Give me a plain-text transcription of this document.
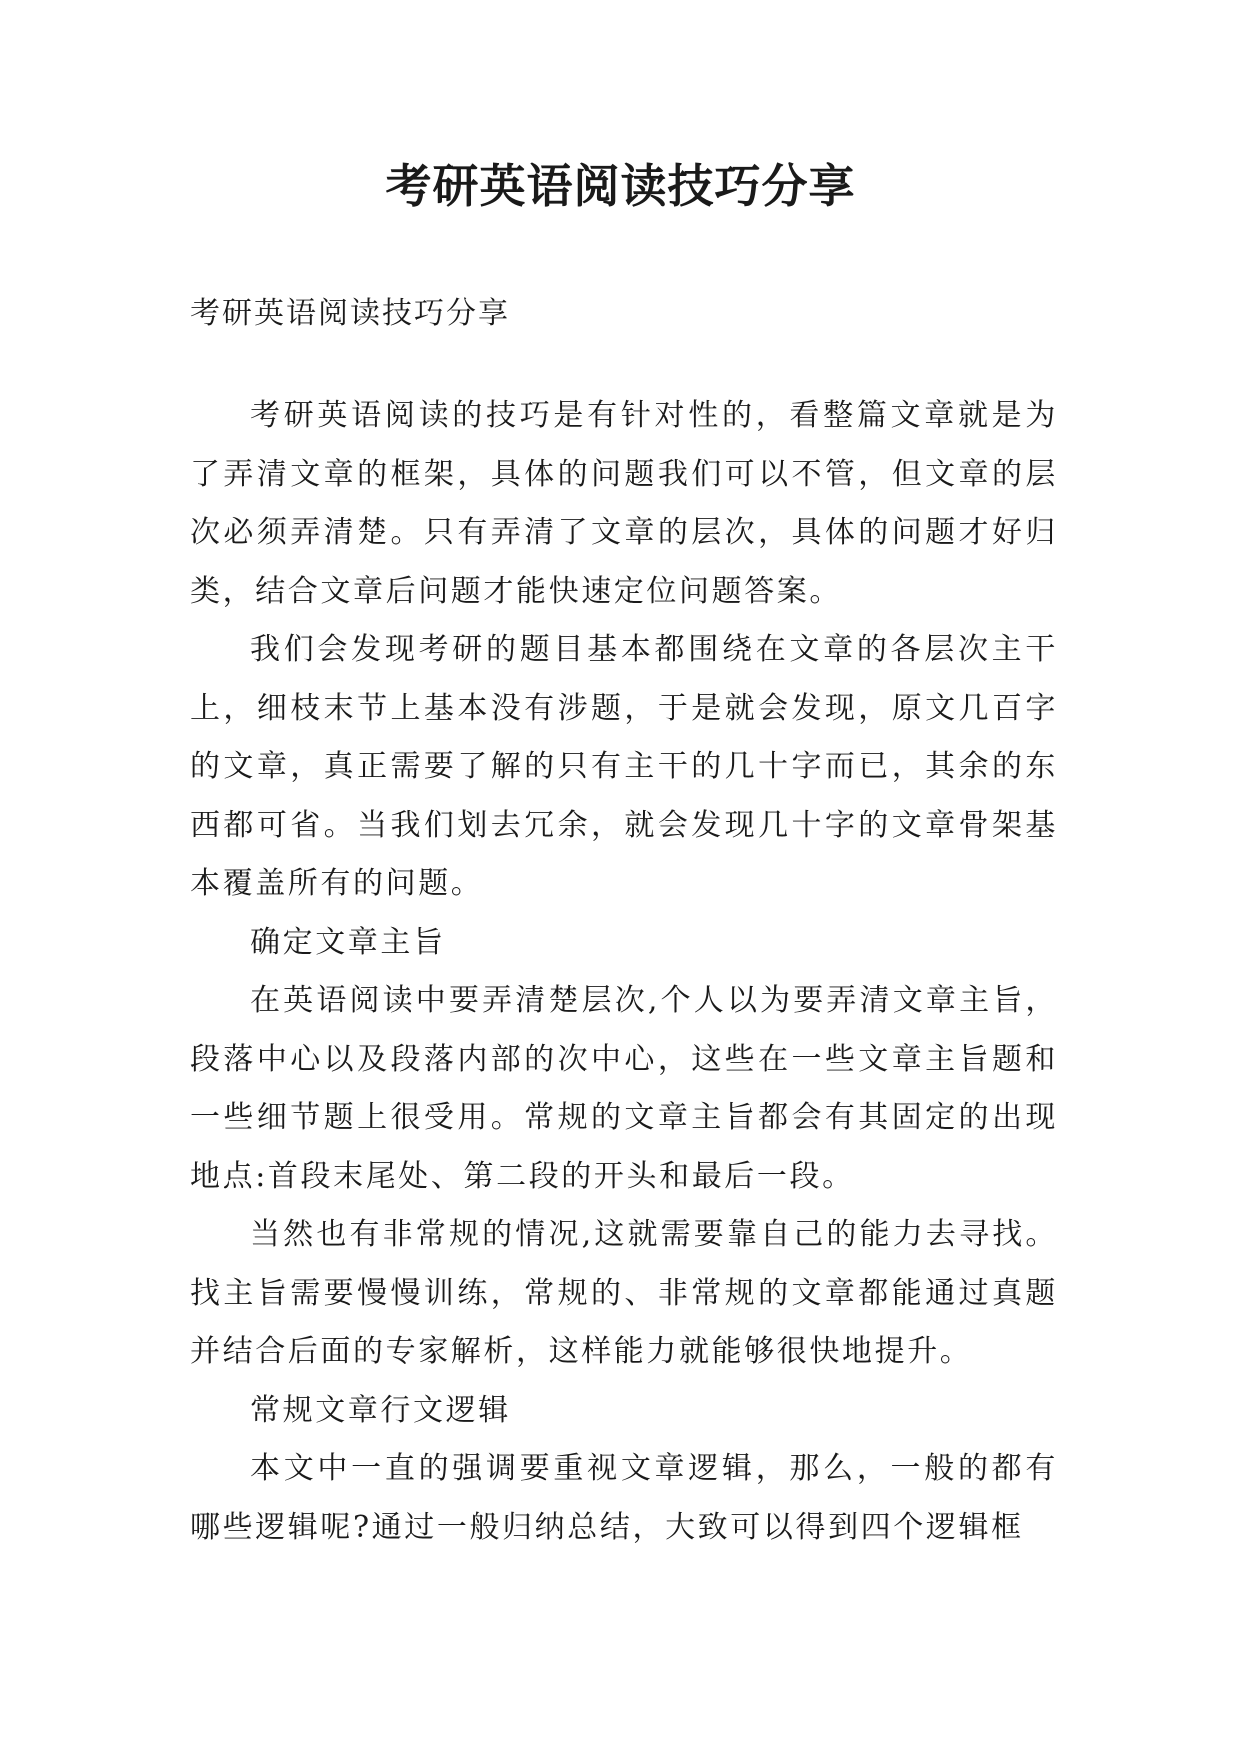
考研英语阅读技巧分享

考研英语阅读技巧分享

考研英语阅读的技巧是有针对性的，看整篇文章就是为了弄清文章的框架，具体的问题我们可以不管，但文章的层次必须弄清楚。只有弄清了文章的层次，具体的问题才好归类，结合文章后问题才能快速定位问题答案。

我们会发现考研的题目基本都围绕在文章的各层次主干上，细枝末节上基本没有涉题，于是就会发现，原文几百字的文章，真正需要了解的只有主干的几十字而已，其余的东西都可省。当我们划去冗余，就会发现几十字的文章骨架基本覆盖所有的问题。

确定文章主旨

在英语阅读中要弄清楚层次,个人以为要弄清文章主旨，段落中心以及段落内部的次中心，这些在一些文章主旨题和一些细节题上很受用。常规的文章主旨都会有其固定的出现地点:首段末尾处、第二段的开头和最后一段。

当然也有非常规的情况,这就需要靠自己的能力去寻找。找主旨需要慢慢训练，常规的、非常规的文章都能通过真题并结合后面的专家解析，这样能力就能够很快地提升。

常规文章行文逻辑

本文中一直的强调要重视文章逻辑，那么，一般的都有哪些逻辑呢?通过一般归纳总结，大致可以得到四个逻辑框
